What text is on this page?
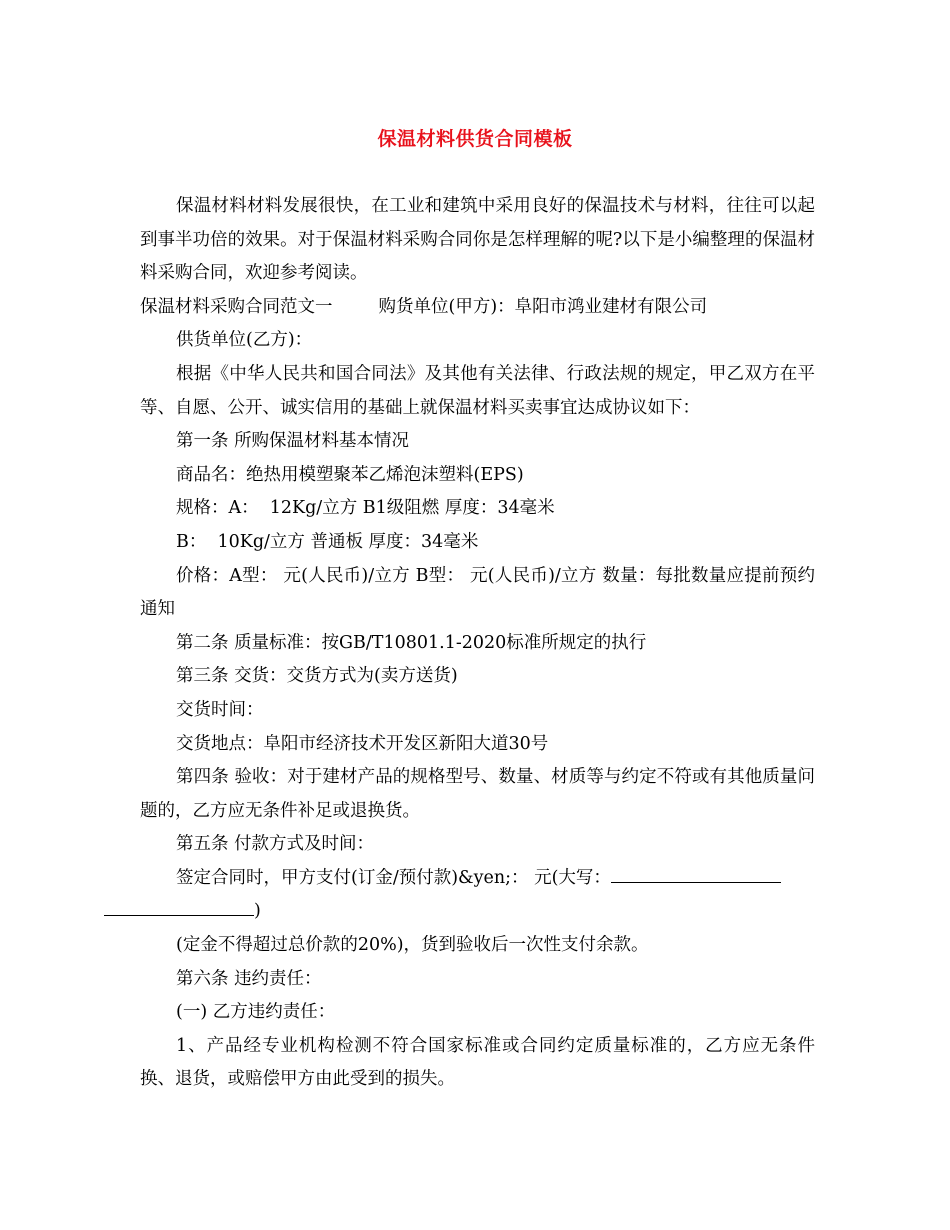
保温材料供货合同模板

保温材料材料发展很快，在工业和建筑中采用良好的保温技术与材料，往往可以起到事半功倍的效果。对于保温材料采购合同你是怎样理解的呢?以下是小编整理的保温材料采购合同，欢迎参考阅读。

保温材料采购合同范文一	购货单位(甲方)：阜阳市鸿业建材有限公司

供货单位(乙方)：

根据《中华人民共和国合同法》及其他有关法律、行政法规的规定，甲乙双方在平等、自愿、公开、诚实信用的基础上就保温材料买卖事宜达成协议如下：

第一条 所购保温材料基本情况

商品名：绝热用模塑聚苯乙烯泡沫塑料(EPS)

规格：A：  12Kg/立方 B1级阻燃 厚度：34毫米

B：  10Kg/立方 普通板 厚度：34毫米

价格：A型： 元(人民币)/立方 B型： 元(人民币)/立方 数量：每批数量应提前预约通知

第二条 质量标准：按GB/T10801.1-2020标准所规定的执行

第三条 交货：交货方式为(卖方送货)

交货时间：

交货地点：阜阳市经济技术开发区新阳大道30号

第四条 验收：对于建材产品的规格型号、数量、材质等与约定不符或有其他质量问题的，乙方应无条件补足或退换货。

第五条 付款方式及时间：

签定合同时，甲方支付(订金/预付款)&yen;： 元(大写：
)

(定金不得超过总价款的20%)，货到验收后一次性支付余款。

第六条 违约责任：

(一) 乙方违约责任：

1、产品经专业机构检测不符合国家标准或合同约定质量标准的，乙方应无条件换、退货，或赔偿甲方由此受到的损失。
